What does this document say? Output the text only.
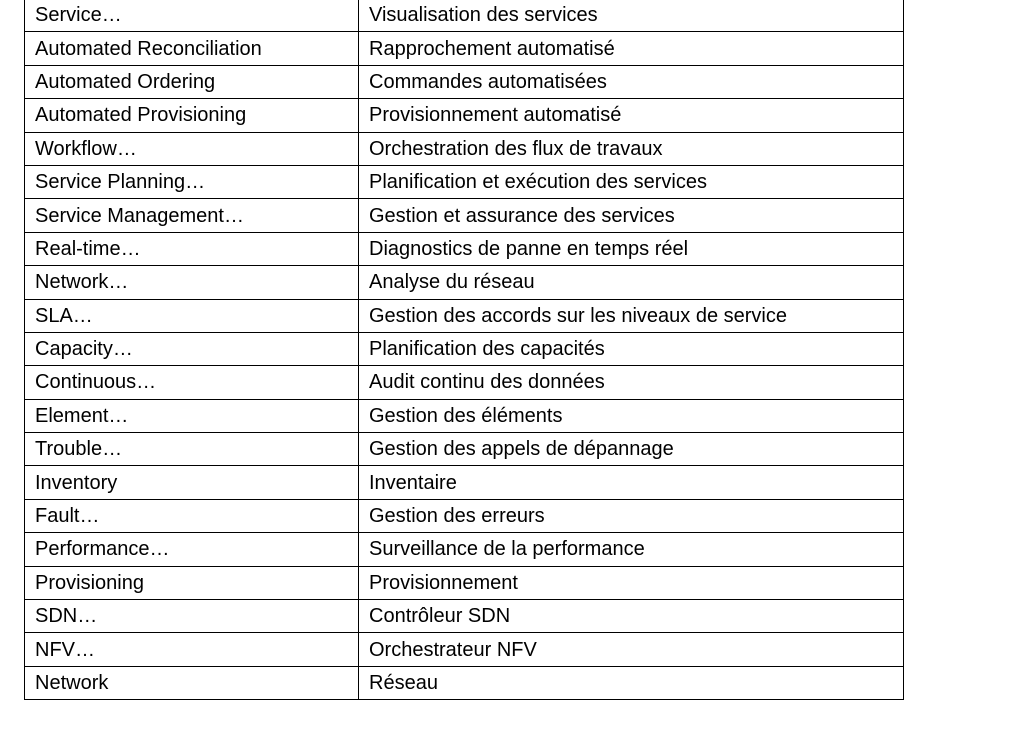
Service…	Visualisation des services
Automated Reconciliation	Rapprochement automatisé
Automated Ordering	Commandes automatisées
Automated Provisioning	Provisionnement automatisé
Workflow…	Orchestration des flux de travaux
Service Planning…	Planification et exécution des services
Service Management…	Gestion et assurance des services
Real-time…	Diagnostics de panne en temps réel
Network…	Analyse du réseau
SLA…	Gestion des accords sur les niveaux de service
Capacity…	Planification des capacités
Continuous…	Audit continu des données
Element…	Gestion des éléments
Trouble…	Gestion des appels de dépannage
Inventory	Inventaire
Fault…	Gestion des erreurs
Performance…	Surveillance de la performance
Provisioning	Provisionnement
SDN…	Contrôleur SDN
NFV…	Orchestrateur NFV
Network	Réseau
